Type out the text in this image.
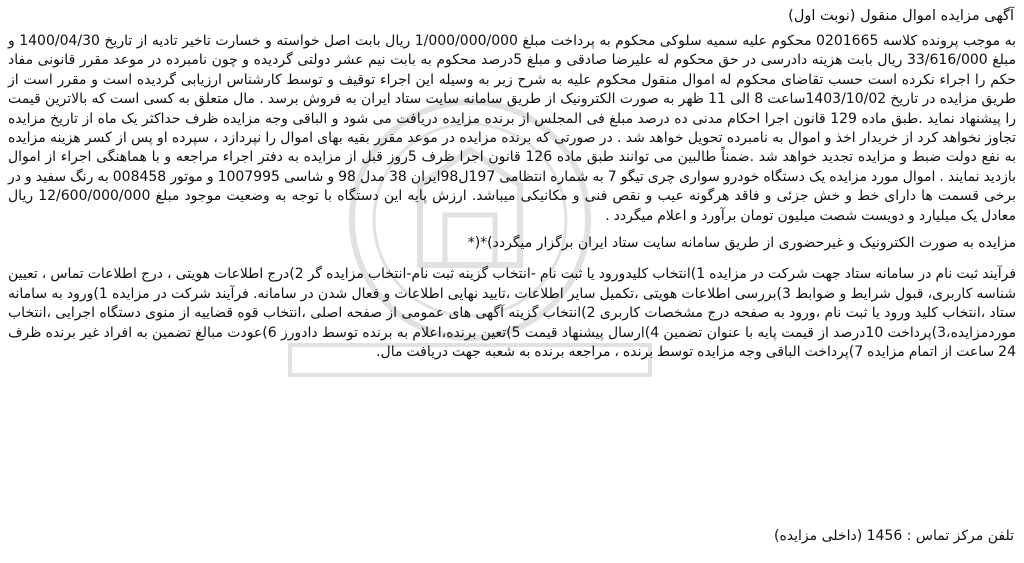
آگهی مزایده اموال منقول (نوبت اول)

به موجب پرونده کلاسه 0201665 محکوم علیه سمیه سلوکی محکوم به پرداخت مبلغ 1/000/000/000 ریال بابت اصل خواسته و خسارت تاخیر تادیه از تاریخ 1400/04/30 و مبلغ 33/616/000 ریال بابت هزینه دادرسی در حق محکوم له علیرضا صادقی و مبلغ 5درصد محکوم به بابت نیم عشر دولتی گردیده و چون نامبرده در موعد مقرر قانونی مفاد حکم را اجراء نکرده است حسب تقاضای محکوم له اموال منقول محکوم علیه به شرح زیر به وسیله این اجراء توقیف و توسط کارشناس ارزیابی گردیده است و مقرر است از طریق مزایده در تاریخ 1403/10/02ساعت 8 الی 11 ظهر به صورت الکترونیک از طریق سامانه سایت ستاد ایران به فروش برسد . مال متعلق به کسی است که بالاترین قیمت را پیشنهاد نماید .طبق ماده 129 قانون اجرا احکام مدنی ده درصد مبلغ فی المجلس از برنده مزایده دریافت می شود و الباقی وجه مزایده ظرف حداکثر یک ماه از تاریخ مزایده تجاوز نخواهد کرد از خریدار اخذ و اموال به نامبرده تحویل خواهد شد . در صورتی که برنده مزایده در موعد مقرر بقیه بهای اموال را نپردازد ، سپرده او پس از کسر هزینه مزایده به نفع دولت ضبط و مزایده تجدید خواهد شد .ضمناً طالبین می توانند طبق ماده 126 قانون اجرا ظرف 5روز قبل از مزایده به دفتر اجراء مراجعه و با هماهنگی اجراء از اموال بازدید نمایند . اموال مورد مزایده یک دستگاه خودرو سواری چری تیگو 7 به شماره انتظامی 197ل98ایران 38 مدل 98 و شاسی 1007995 و موتور 008458 به رنگ سفید و در برخی قسمت ها دارای خط و خش جزئی و فاقد هرگونه عیب و نقص فنی و مکانیکی میباشد. ارزش پایه این دستگاه با توجه به وضعیت موجود مبلغ 12/600/000/000 ریال معادل یک میلیارد و دویست شصت میلیون تومان برآورد و اعلام میگردد .

مزایده به صورت الکترونیک و غیرحضوری از طریق سامانه سایت ستاد ایران برگزار میگردد)*(*

فرآیند ثبت نام در سامانه ستاد جهت شرکت در مزایده 1)انتخاب کلیدورود یا ثبت نام -انتخاب گزینه ثبت نام-انتخاب مزایده گر 2)درج اطلاعات هویتی ، درج اطلاعات تماس ، تعیین شناسه کاربری، قبول شرایط و ضوابط 3)بررسی اطلاعات هویتی ،تکمیل سایر اطلاعات ،تایید نهایی اطلاعات و فعال شدن در سامانه. فرآیند شرکت در مزایده 1)ورود به سامانه ستاد ،انتخاب کلید ورود یا ثبت نام ،ورود به صفحه درج مشخصات کاربری 2)انتخاب گزینه آگهی های عمومی از صفحه اصلی ،انتخاب قوه قضاییه از منوی دستگاه اجرایی ،انتخاب موردمزایده،3)پرداخت 10درصد از قیمت پایه با عنوان تضمین 4)ارسال پیشنهاد قیمت 5)تعین برنده،اعلام به برنده توسط دادورز 6)عودت مبالغ تضمین به افراد غیر برنده ظرف 24 ساعت از اتمام مزایده 7)پرداخت الباقی وجه مزایده توسط برنده ، مراجعه برنده به شعبه جهت دریافت مال.

تلفن مرکز تماس : 1456 (داخلی مزایده)
